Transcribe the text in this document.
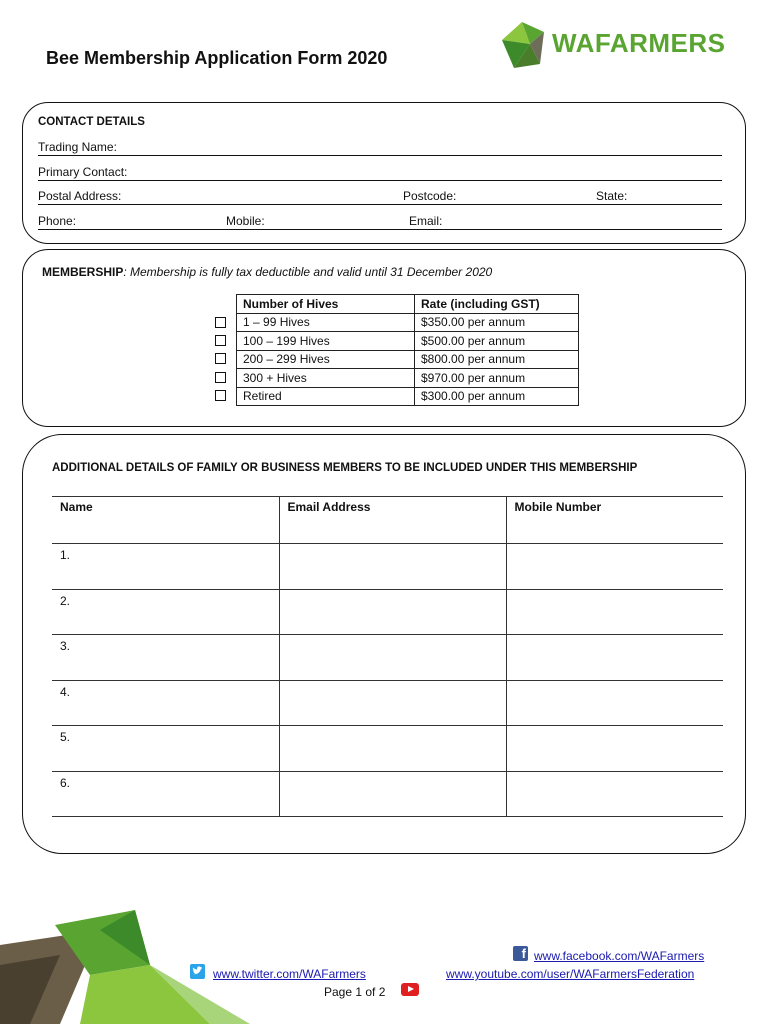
Bee Membership Application Form 2020	WAFARMERS
CONTACT DETAILS
Trading Name:
Primary Contact:
Postal Address:	Postcode:	State:
Phone:	Mobile:	Email:
MEMBERSHIP: Membership is fully tax deductible and valid until 31 December 2020
Number of Hives	Rate (including GST)
1 – 99 Hives	$350.00 per annum
100 – 199 Hives	$500.00 per annum
200 – 299 Hives	$800.00 per annum
300 + Hives	$970.00 per annum
Retired	$300.00 per annum
ADDITIONAL DETAILS OF FAMILY OR BUSINESS MEMBERS TO BE INCLUDED UNDER THIS MEMBERSHIP
Name	Email Address	Mobile Number
1.		
2.		
3.		
4.		
5.		
6.		
f www.facebook.com/WAFarmers
www.twitter.com/WAFarmers	www.youtube.com/user/WAFarmersFederation
Page 1 of 2
